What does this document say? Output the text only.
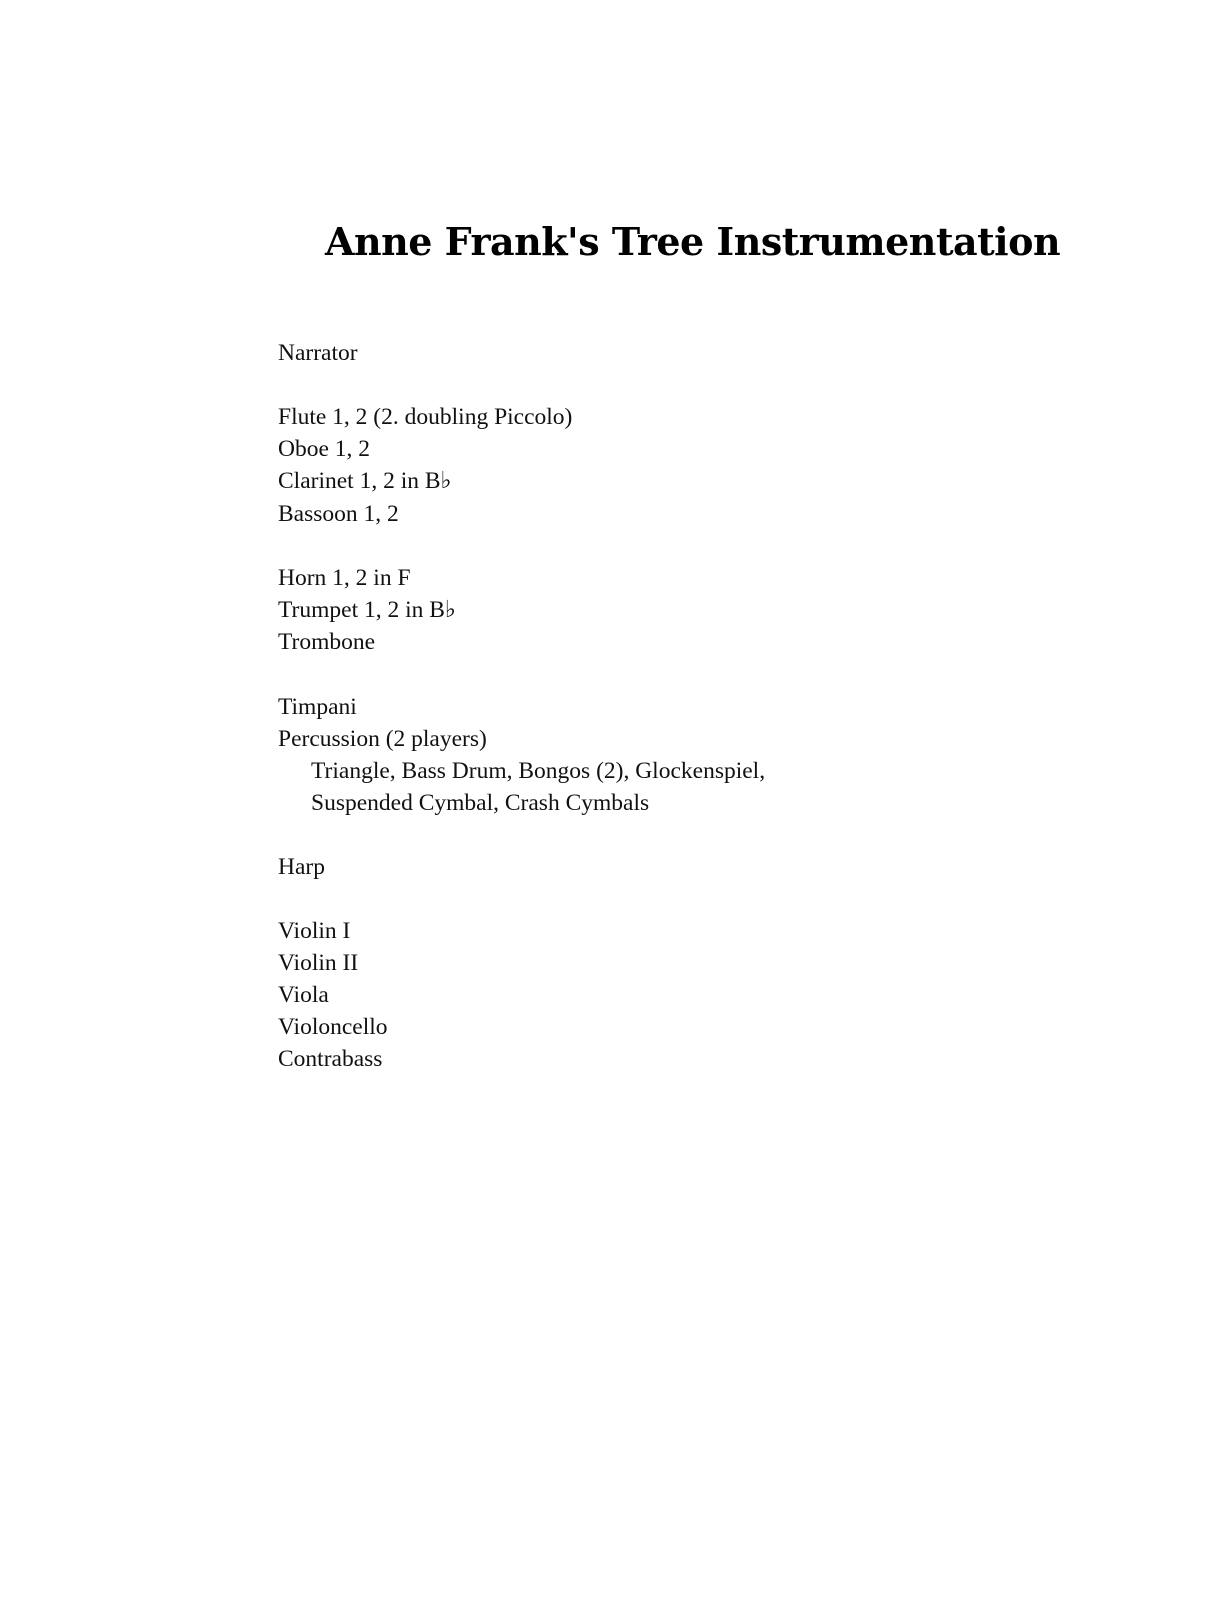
Anne Frank's Tree Instrumentation
Narrator
Flute 1, 2 (2. doubling Piccolo)
Oboe 1, 2
Clarinet 1, 2 in B♭
Bassoon 1, 2
Horn 1, 2 in F
Trumpet 1, 2 in B♭
Trombone
Timpani
Percussion (2 players)
Triangle, Bass Drum, Bongos (2), Glockenspiel,
Suspended Cymbal, Crash Cymbals
Harp
Violin I
Violin II
Viola
Violoncello
Contrabass
